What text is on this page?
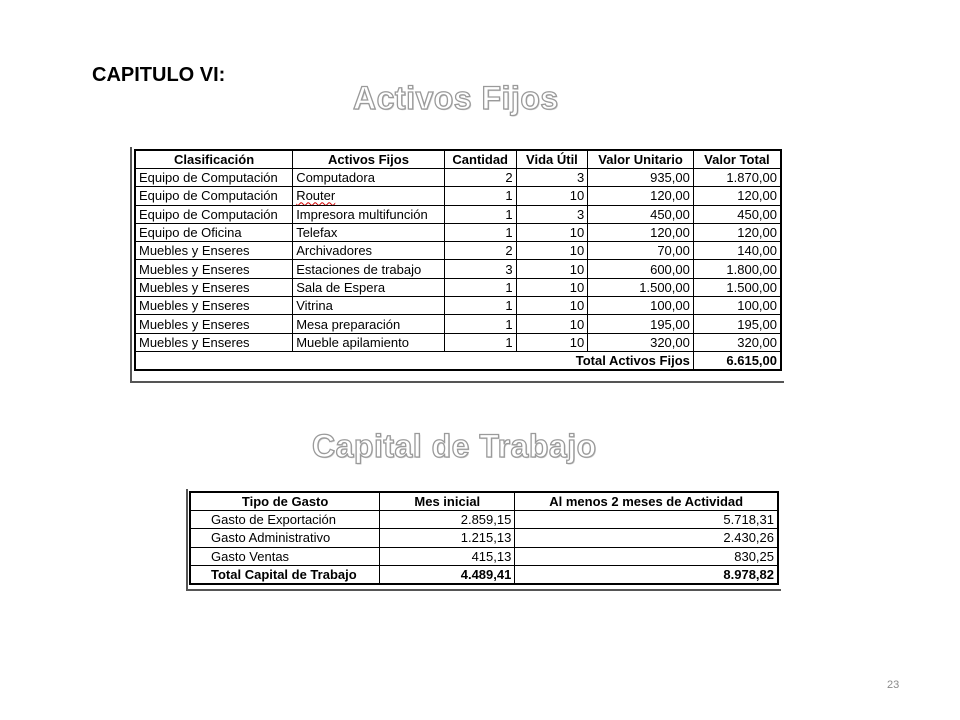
CAPITULO VI:
Activos Fijos
Clasificación	Activos Fijos	Cantidad	Vida Útil	Valor Unitario	Valor Total
Equipo de Computación	Computadora	2	3	935,00	1.870,00
Equipo de Computación	Router	1	10	120,00	120,00
Equipo de Computación	Impresora multifunción	1	3	450,00	450,00
Equipo de Oficina	Telefax	1	10	120,00	120,00
Muebles y Enseres	Archivadores	2	10	70,00	140,00
Muebles y Enseres	Estaciones de trabajo	3	10	600,00	1.800,00
Muebles y Enseres	Sala de Espera	1	10	1.500,00	1.500,00
Muebles y Enseres	Vitrina	1	10	100,00	100,00
Muebles y Enseres	Mesa preparación	1	10	195,00	195,00
Muebles y Enseres	Mueble apilamiento	1	10	320,00	320,00
Total Activos Fijos					6.615,00
Capital de Trabajo
Tipo de Gasto	Mes inicial	Al menos 2 meses de Actividad
Gasto de Exportación	2.859,15	5.718,31
Gasto Administrativo	1.215,13	2.430,26
Gasto Ventas	415,13	830,25
Total Capital de Trabajo	4.489,41	8.978,82
23
